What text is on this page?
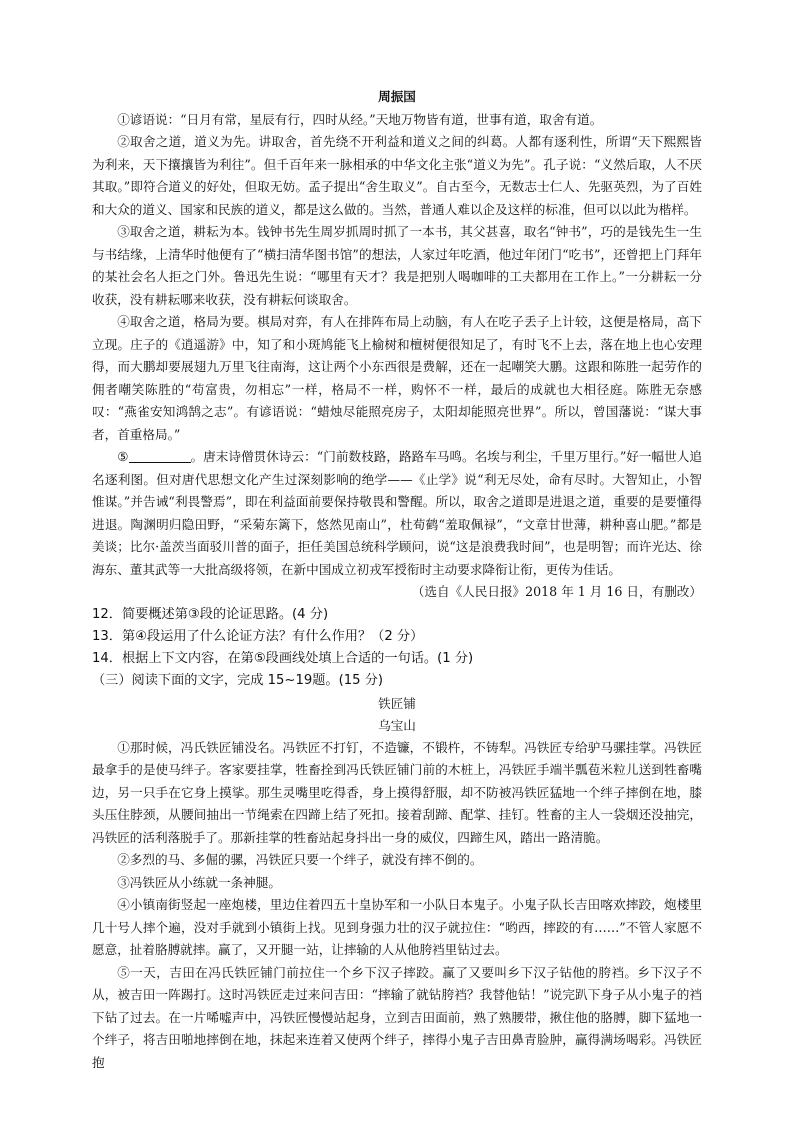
周振国

①谚语说：“日月有常，星辰有行，四时从经。”天地万物皆有道，世事有道，取舍有道。

②取舍之道，道义为先。讲取舍，首先绕不开利益和道义之间的纠葛。人都有逐利性，所谓“天下熙熙皆为利来，天下攘攘皆为利往”。但千百年来一脉相承的中华文化主张“道义为先”。孔子说：“义然后取，人不厌其取。”即符合道义的好处，但取无妨。孟子提出“舍生取义”。自古至今，无数志士仁人、先驱英烈，为了百姓和大众的道义、国家和民族的道义，都是这么做的。当然，普通人难以企及这样的标准，但可以以此为楷样。

③取舍之道，耕耘为本。钱钟书先生周岁抓周时抓了一本书，其父甚喜，取名“钟书”，巧的是钱先生一生与书结缘，上清华时他便有了“横扫清华图书馆”的想法，人家过年吃酒，他过年闭门“吃书”，还曾把上门拜年的某社会名人拒之门外。鲁迅先生说：“哪里有天才？我是把别人喝咖啡的工夫都用在工作上。”一分耕耘一分收获，没有耕耘哪来收获，没有耕耘何谈取舍。

④取舍之道，格局为要。棋局对弈，有人在排阵布局上动脑，有人在吃子丢子上计较，这便是格局，高下立现。庄子的《逍遥游》中，知了和小斑鸠能飞上榆树和檀树便很知足了，有时飞不上去，落在地上也心安理得，而大鹏却要展翅九万里飞往南海，这让两个小东西很是费解，还在一起嘲笑大鹏。这跟和陈胜一起劳作的佣者嘲笑陈胜的“苟富贵，勿相忘”一样，格局不一样，购怀不一样，最后的成就也大相径庭。陈胜无奈感叹：“燕雀安知鸿鹄之志”。有谚语说：“蜡烛尽能照亮房子，太阳却能照亮世界”。所以，曾国藩说：“谋大事者，首重格局。”

⑤	。唐末诗僧贯休诗云：“门前数枝路，路路车马鸣。名埃与利尘，千里万里行。”好一幅世人追名逐利图。但对唐代思想文化产生过深刻影响的绝学——《止学》说“利无尽处，命有尽时。大智知止，小智惟谋。”并告诫“利畏警焉”，即在利益面前要保持敬畏和警醒。所以，取舍之道即是进退之道，重要的是要懂得进退。陶渊明归隐田野，“采菊东篱下，悠然见南山”，杜荀鹤“羞取佩禄”，“文章甘世薄，耕种喜山肥。”都是美谈；比尔·盖茨当面驳川普的面子，拒任美国总统科学顾问，说“这是浪费我时间”，也是明智；而许光达、徐海东、董其武等一大批高级将领，在新中国成立初戎军授衔时主动要求降衔让衔，更传为佳话。

（选自《人民日报》2018 年 1 月 16 日，有删改）

12．简要概述第③段的论证思路。(4 分)

13．第④段运用了什么论证方法？有什么作用？（2 分）

14．根据上下文内容，在第⑤段画线处填上合适的一句话。(1 分)

（三）阅读下面的文字，完成 15~19题。(15 分)

铁匠铺

乌宝山

①那时候，冯氏铁匠铺没名。冯铁匠不打钉，不造镰，不锻杵，不铸犁。冯铁匠专给驴马骡挂掌。冯铁匠最拿手的是使马绊子。客家要挂掌，牲畜拴到冯氏铁匠铺门前的木桩上，冯铁匠手端半瓢苞米粒儿送到牲畜嘴边，另一只手在它身上摸挲。那生灵嘴里吃得香，身上摸得舒服，却不防被冯铁匠猛地一个绊子摔倒在地，膝头压住脖颈，从腰间抽出一节绳索在四蹄上结了死扣。接着刮蹄、配掌、挂钉。牲畜的主人一袋烟还没抽完，冯铁匠的活利落脱手了。那新挂掌的牲畜站起身抖出一身的威仪，四蹄生风，踏出一路清脆。

②多烈的马、多倔的骡，冯铁匠只要一个绊子，就没有摔不倒的。

③冯铁匠从小练就一条神腿。

④小镇南街竖起一座炮楼，里边住着四五十皇协军和一小队日本鬼子。小鬼子队长吉田喀欢摔跤，炮楼里几十号人摔个遍，没对手就到小镇街上找。见到身强力壮的汉子就拉住：“哟西，摔跤的有……”不管人家愿不愿意，扯着胳膊就摔。赢了，又开腿一站，让摔输的人从他胯裆里钻过去。

⑤一天，吉田在冯氏铁匠铺门前拉住一个乡下汉子摔跤。赢了又要叫乡下汉子钻他的胯裆。乡下汉子不从，被吉田一阵踢打。这时冯铁匠走过来问吉田：“摔输了就钻胯裆？我替他钻！”说完趴下身子从小鬼子的裆下钻了过去。在一片唏嘘声中，冯铁匠慢慢站起身，立到吉田面前，熟了熟腰带，揪住他的胳膊，脚下猛地一个绊子，将吉田啪地摔倒在地，抹起来连着又使两个绊子，摔得小鬼子吉田鼻青脸肿，赢得满场喝彩。冯铁匠抱
